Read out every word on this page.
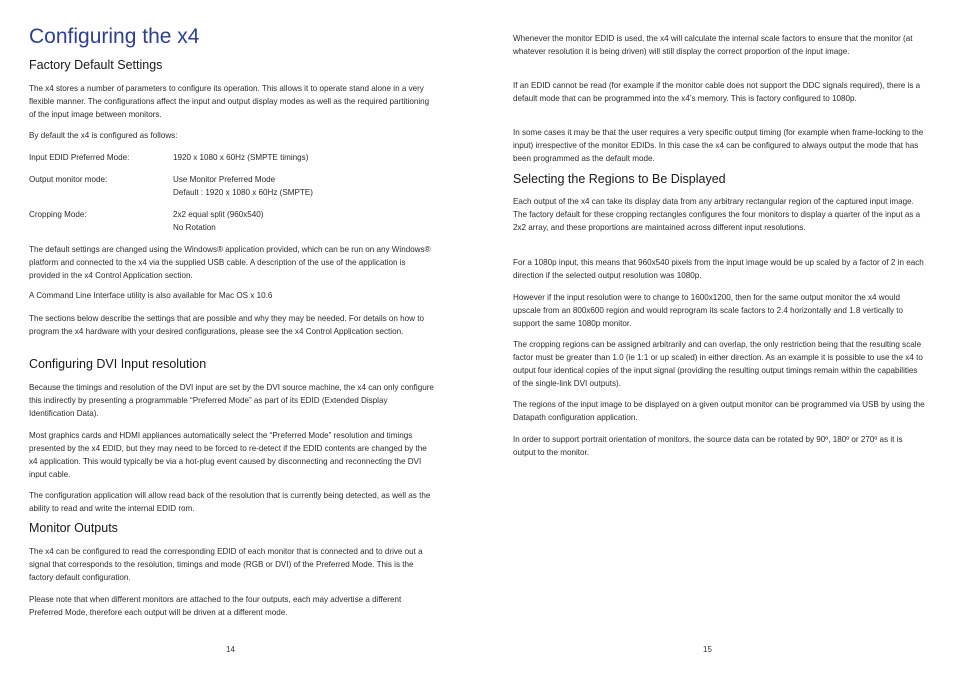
Configuring the x4
Factory Default Settings

The x4 stores a number of parameters to configure its operation. This allows it to operate stand alone in a very flexible manner. The configurations affect the input and output display modes as well as the required partitioning of the input image between monitors.

By default the x4 is configured as follows:

Input EDID Preferred Mode:	1920 x 1080 x 60Hz (SMPTE timings)
Output monitor mode:	Use Monitor Preferred Mode
Default : 1920 x 1080 x 60Hz (SMPTE)
Cropping Mode:	2x2 equal split (960x540)
No Rotation

The default settings are changed using the Windows® application provided, which can be run on any Windows® platform and connected to the x4 via the supplied USB cable. A description of the use of the application is provided in the x4 Control Application section.

A Command Line Interface utility is also available for Mac OS x 10.6

The sections below describe the settings that are possible and why they may be needed. For details on how to program the x4 hardware with your desired configurations, please see the x4 Control Application section.

Configuring DVI Input resolution

Because the timings and resolution of the DVI input are set by the DVI source machine, the x4 can only configure this indirectly by presenting a programmable “Preferred Mode” as part of its EDID (Extended Display Identification Data).

Most graphics cards and HDMI appliances automatically select the “Preferred Mode” resolution and timings presented by the x4 EDID, but they may need to be forced to re-detect if the EDID contents are changed by the x4 application. This would typically be via a hot-plug event caused by disconnecting and reconnecting the DVI input cable.

The configuration application will allow read back of the resolution that is currently being detected, as well as the ability to read and write the internal EDID rom.

Monitor Outputs

The x4 can be configured to read the corresponding EDID of each monitor that is connected and to drive out a signal that corresponds to the resolution, timings and mode (RGB or DVI) of the Preferred Mode. This is the factory default configuration.

Please note that when different monitors are attached to the four outputs, each may advertise a different Preferred Mode, therefore each output will be driven at a different mode.

14

Whenever the monitor EDID is used, the x4 will calculate the internal scale factors to ensure that the monitor (at whatever resolution it is being driven) will still display the correct proportion of the input image.

If an EDID cannot be read (for example if the monitor cable does not support the DDC signals required), there is a default mode that can be programmed into the x4’s memory. This is factory configured to 1080p.

In some cases it may be that the user requires a very specific output timing (for example when frame-locking to the input) irrespective of the monitor EDIDs. In this case the x4 can be configured to always output the mode that has been programmed as the default mode.

Selecting the Regions to Be Displayed

Each output of the x4 can take its display data from any arbitrary rectangular region of the captured input image. The factory default for these cropping rectangles configures the four monitors to display a quarter of the input as a 2x2 array, and these proportions are maintained across different input resolutions.

For a 1080p input, this means that 960x540 pixels from the input image would be up scaled by a factor of 2 in each direction if the selected output resolution was 1080p.

However if the input resolution were to change to 1600x1200, then for the same output monitor the x4 would upscale from an 800x600 region and would reprogram its scale factors to 2.4 horizontally and 1.8 vertically to support the same 1080p monitor.

The cropping regions can be assigned arbitrarily and can overlap, the only restriction being that the resulting scale factor must be greater than 1.0 (ie 1:1 or up scaled) in either direction. As an example it is possible to use the x4 to output four identical copies of the input signal (providing the resulting output timings remain within the capabilities of the single-link DVI outputs).

The regions of the input image to be displayed on a given output monitor can be programmed via USB by using the Datapath configuration application.

In order to support portrait orientation of monitors, the source data can be rotated by 90º, 180º or 270º as it is output to the monitor.

15
